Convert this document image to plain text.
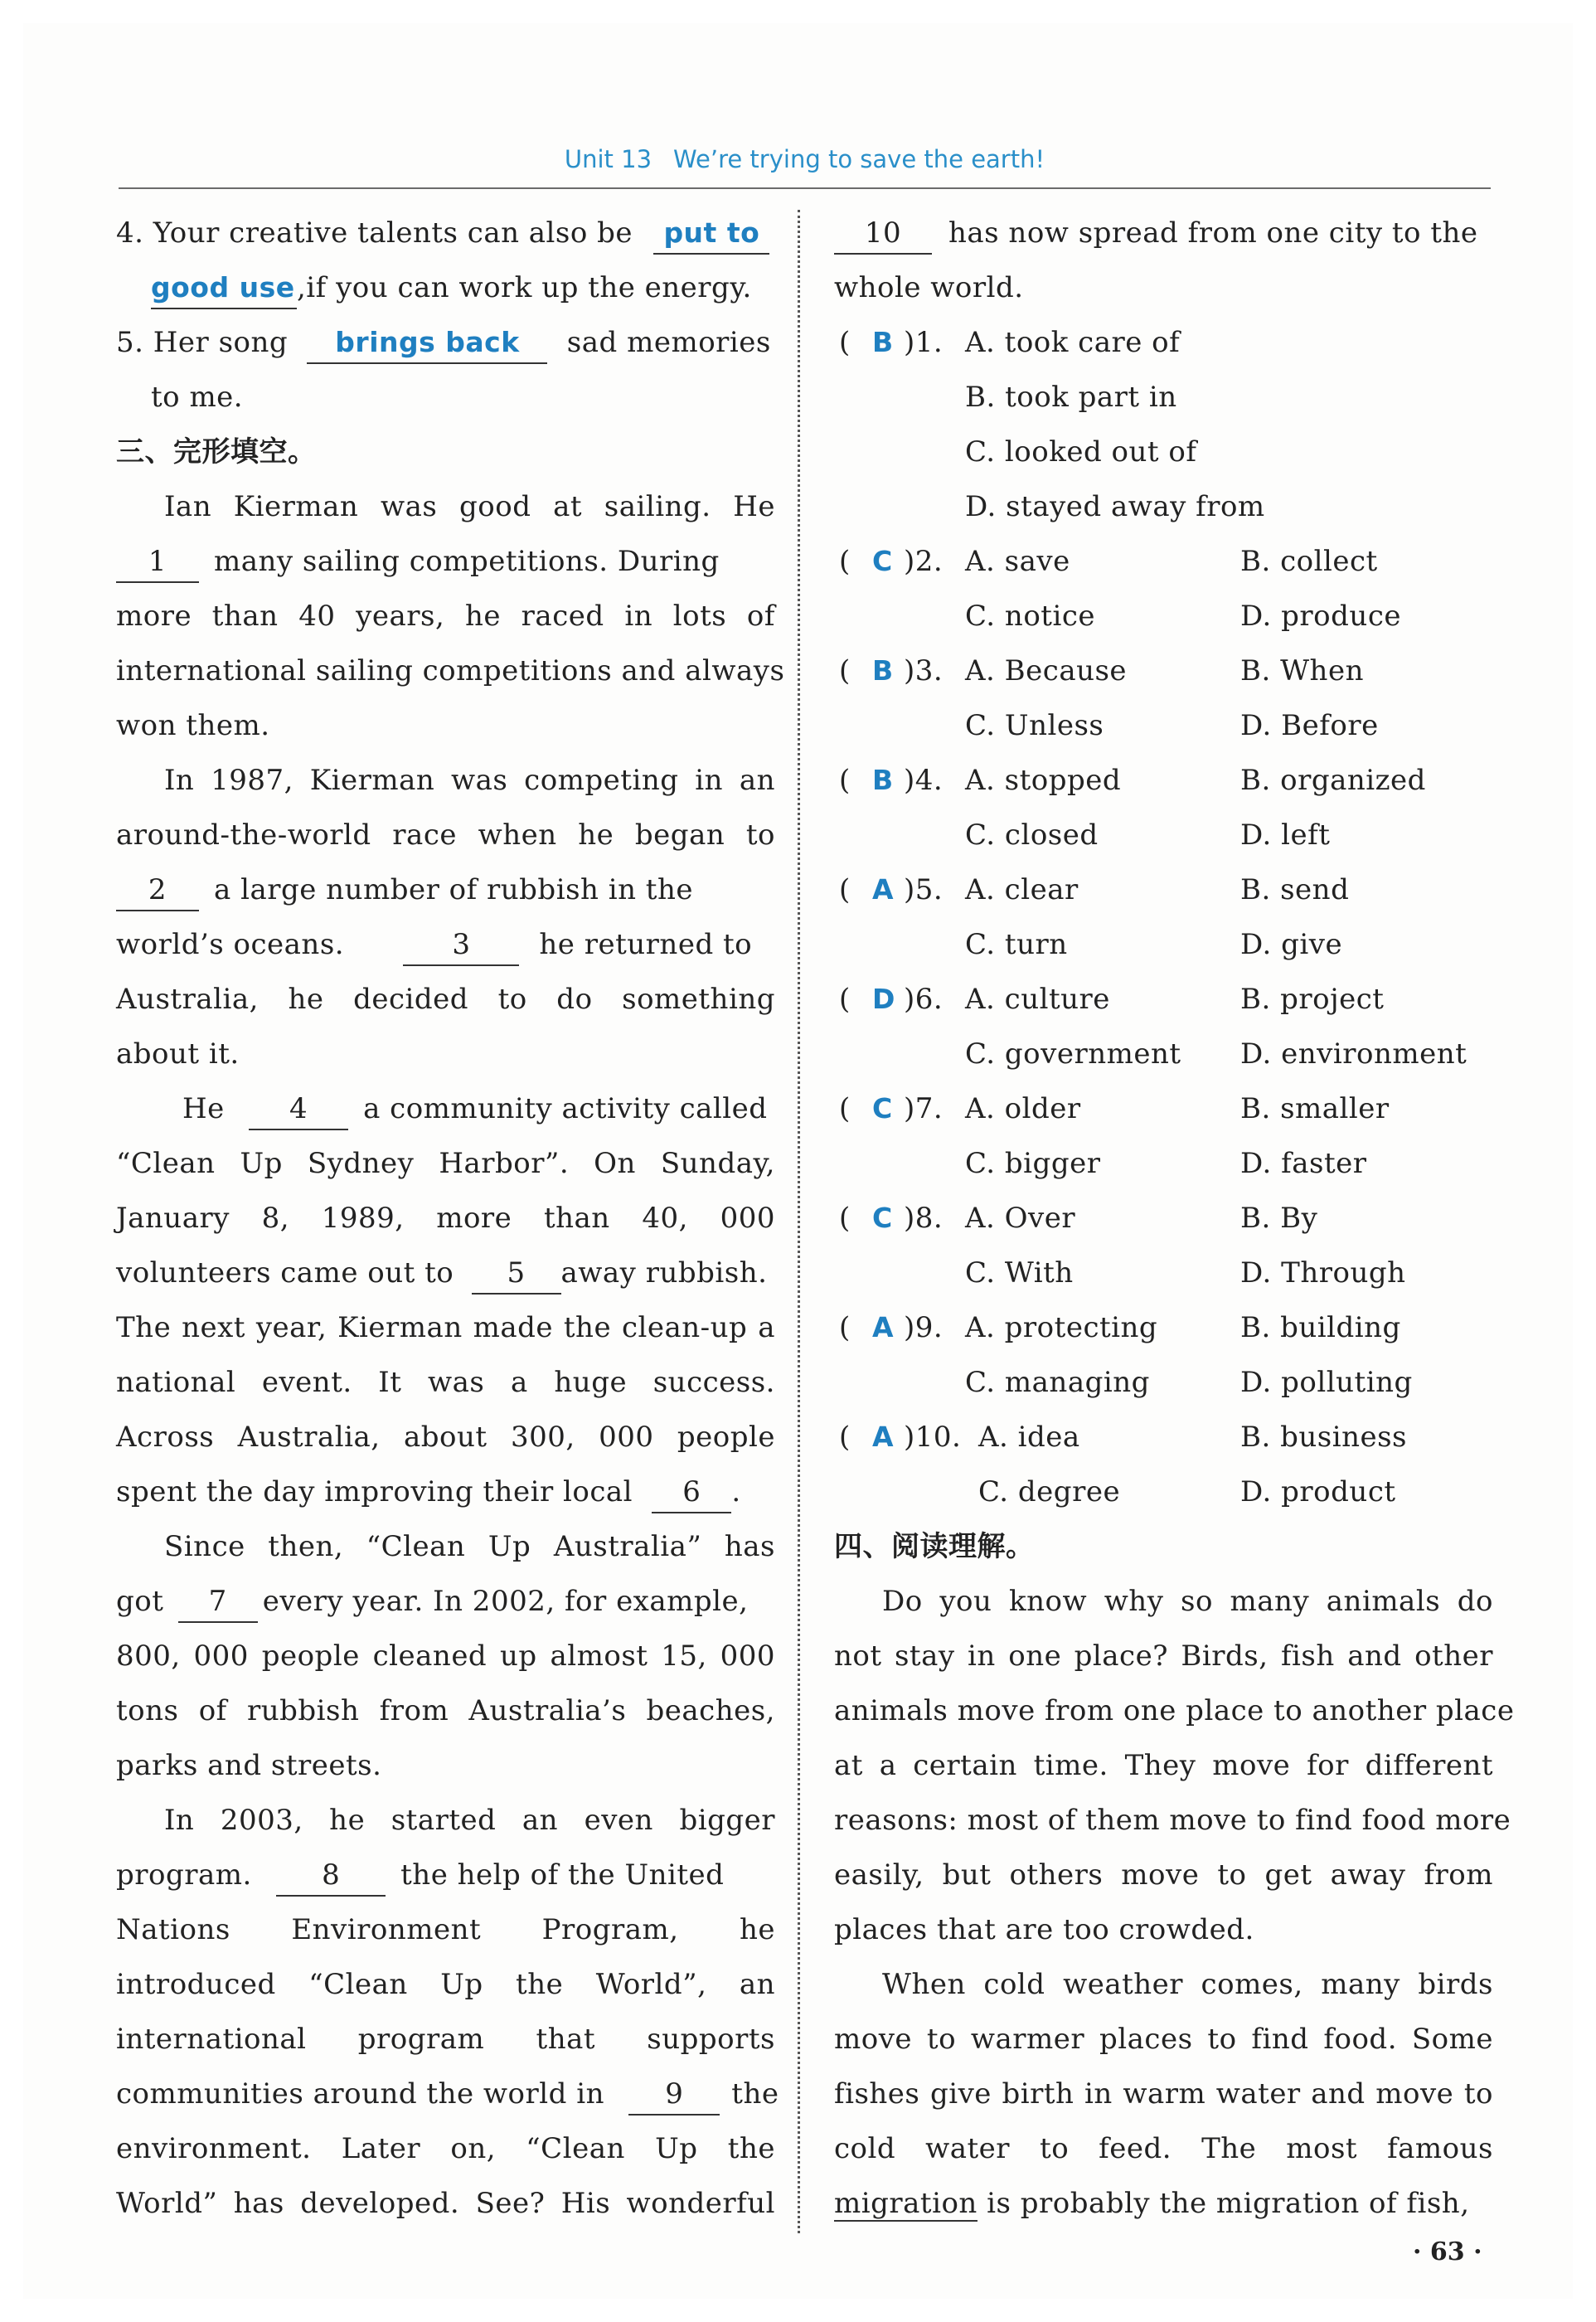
Unit 13 We’re trying to save the earth!
4. Your creative talents can also be put to
good use,if you can work up the energy.
5. Her song brings back sad memories
to me.
三、完形填空。
Ian Kierman was good at sailing. He
1 many sailing competitions. During
more than 40 years, he raced in lots of
international sailing competitions and always
won them.
In 1987, Kierman was competing in an
around-the-world race when he began to
2 a large number of rubbish in the
world’s oceans.	3 he returned to
Australia, he decided to do something
about it.
He 4 a community activity called
“Clean Up Sydney Harbor”. On Sunday,
January 8, 1989, more than 40, 000
volunteers came out to 5 away rubbish.
The next year, Kierman made the clean-up a
national event. It was a huge success.
Across Australia, about 300, 000 people
spent the day improving their local 6 .
Since then, “Clean Up Australia” has
got 7 every year. In 2002, for example,
800, 000 people cleaned up almost 15, 000
tons of rubbish from Australia’s beaches,
parks and streets.
In 2003, he started an even bigger
program. 8 the help of the United
Nations Environment Program, he
introduced “Clean Up the World”, an
international program that supports
communities around the world in 9 the
environment. Later on, “Clean Up the
World” has developed. See? His wonderful
10 has now spread from one city to the
whole world.
( B )1. A. took care of
B. took part in
C. looked out of
D. stayed away from
( C )2. A. save	B. collect
C. notice	D. produce
( B )3. A. Because	B. When
C. Unless	D. Before
( B )4. A. stopped	B. organized
C. closed	D. left
( A )5. A. clear	B. send
C. turn	D. give
( D )6. A. culture	B. project
C. government D. environment
( C )7. A. older	B. smaller
C. bigger	D. faster
( C )8. A. Over	B. By
C. With	D. Through
( A )9. A. protecting	B. building
C. managing	D. polluting
( A )10. A. idea	B. business
C. degree	D. product
四、阅读理解。
Do you know why so many animals do
not stay in one place? Birds, fish and other
animals move from one place to another place
at a certain time. They move for different
reasons: most of them move to find food more
easily, but others move to get away from
places that are too crowded.
When cold weather comes, many birds
move to warmer places to find food. Some
fishes give birth in warm water and move to
cold water to feed. The most famous
migration is probably the migration of fish,
· 63 ·
